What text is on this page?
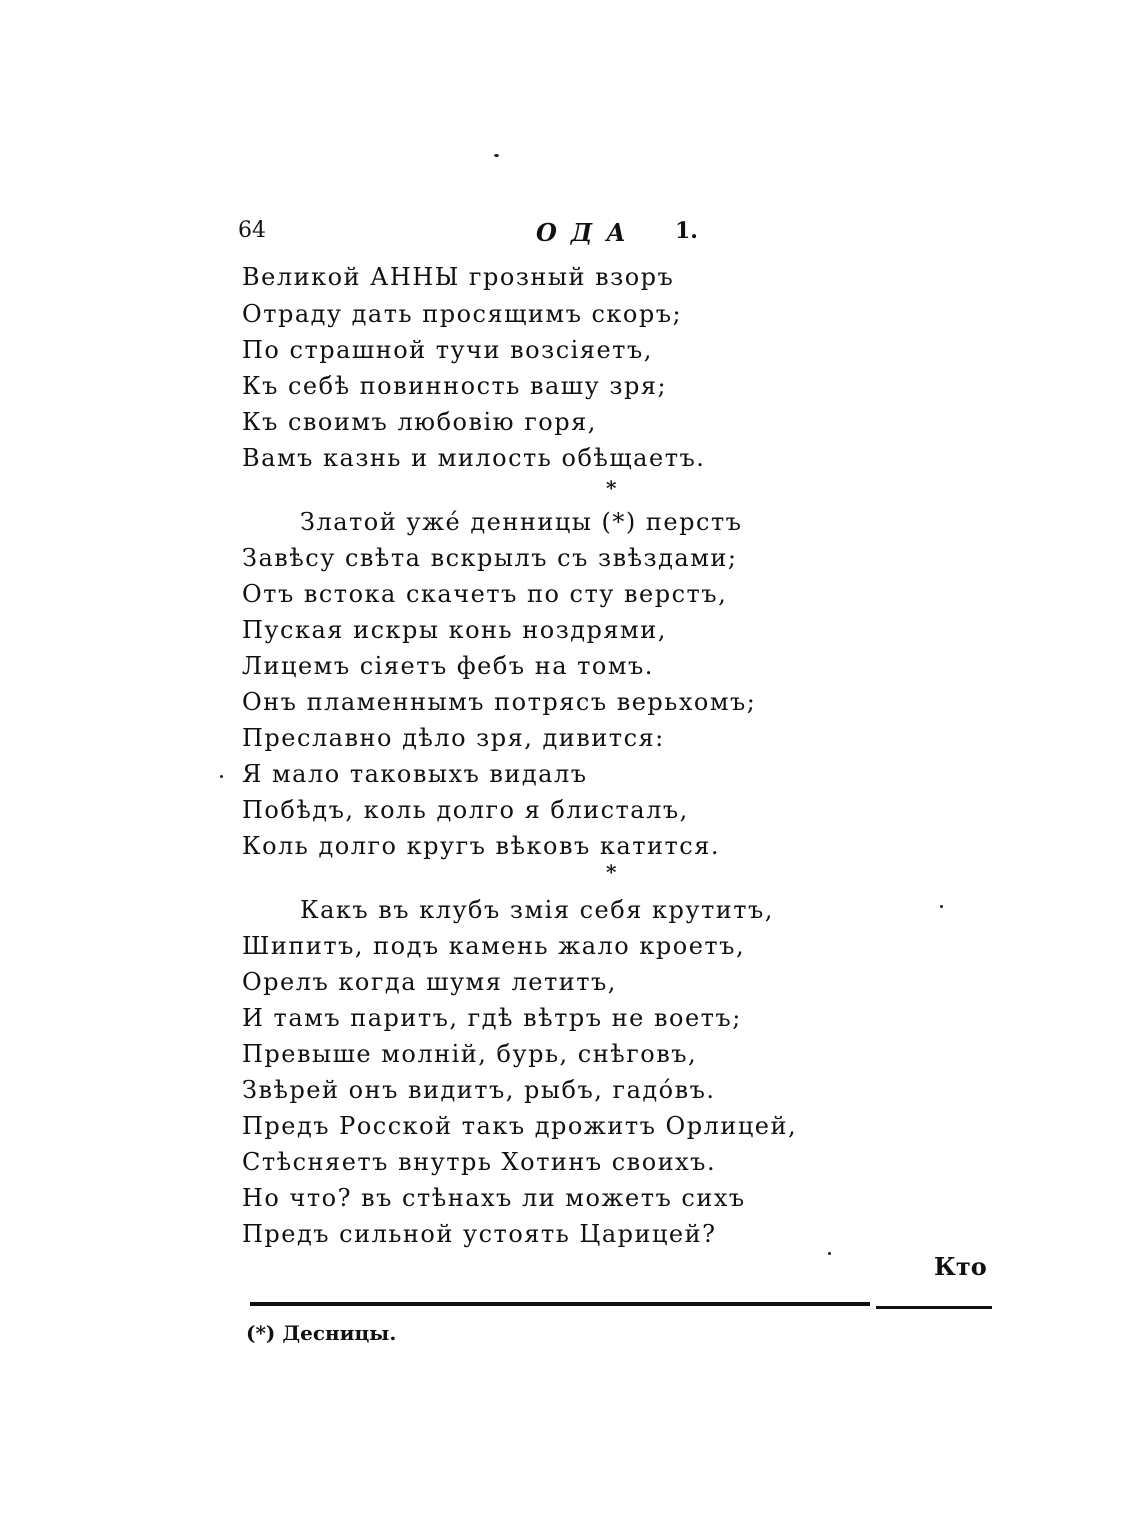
64	ОДА 1.
Великой АННЫ грозный взоръ
Отраду дать просящимъ скоръ;
По страшной тучи возсіяетъ,
Къ себѣ повинность вашу зря;
Къ своимъ любовію горя,
Вамъ казнь и милость обѣщаетъ.
*
Златой ужé денницы (*) перстъ
Завѣсу свѣта вскрылъ съ звѣздами;
Отъ встока скачетъ по сту верстъ,
Пуская искры конь ноздрями,
Лицемъ сіяетъ фебъ на томъ.
Онъ пламеннымъ потрясъ верьхомъ;
Преславно дѣло зря, дивится:
Я мало таковыхъ видалъ
Побѣдъ, коль долго я блисталъ,
Коль долго кругъ вѣковъ катится.
*
Какъ въ клубъ змія себя крутитъ,
Шипитъ, подъ камень жало кроетъ,
Орелъ когда шумя летитъ,
И тамъ паритъ, гдѣ вѣтръ не воетъ;
Превыше молній, бурь, снѣговъ,
Звѣрей онъ видитъ, рыбъ, гадóвъ.
Предъ Росской такъ дрожитъ Орлицей,
Стѣсняетъ внутрь Хотинъ своихъ.
Но что? въ стѣнахъ ли можетъ сихъ
Предъ сильной устоять Царицей?
Кто
(*) Десницы.
